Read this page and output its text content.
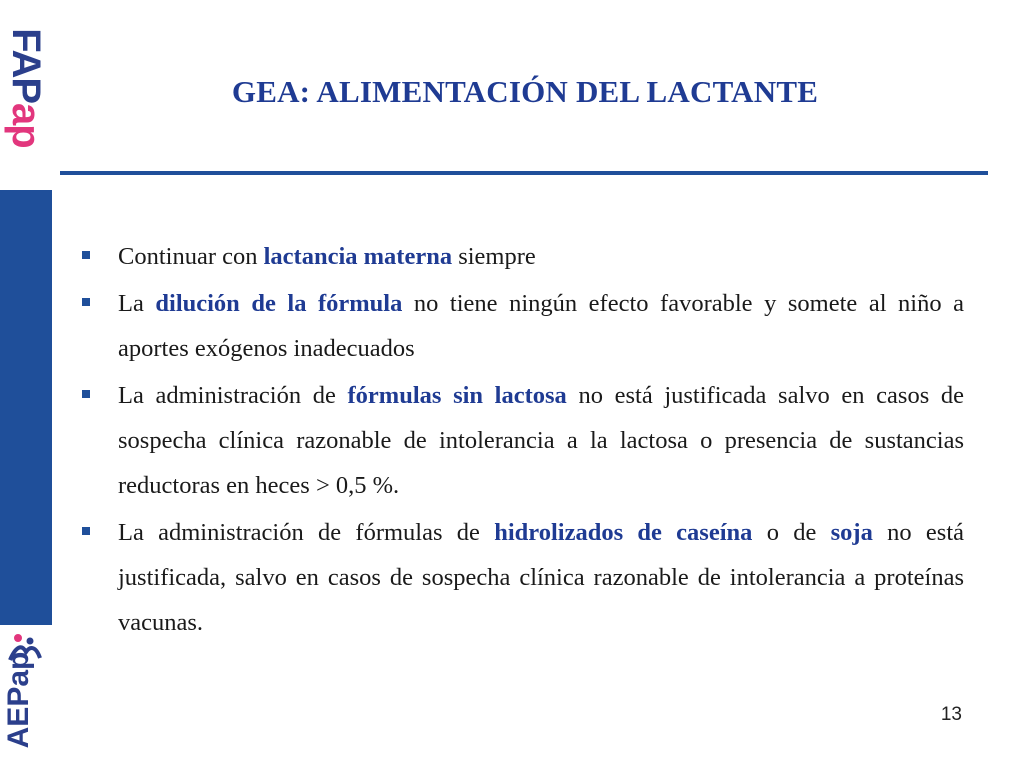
FAPap
AEPap
GEA: ALIMENTACIÓN DEL LACTANTE
Continuar con lactancia materna siempre
La dilución de la fórmula no tiene ningún efecto favorable y somete al niño a aportes exógenos inadecuados
La administración de fórmulas sin lactosa no está justificada salvo en casos de sospecha clínica razonable de intolerancia a la lactosa o presencia de sustancias reductoras en heces > 0,5 %.
La administración de fórmulas de hidrolizados de caseína o de soja no está justificada, salvo en casos de sospecha clínica razonable de intolerancia a proteínas vacunas.
13
